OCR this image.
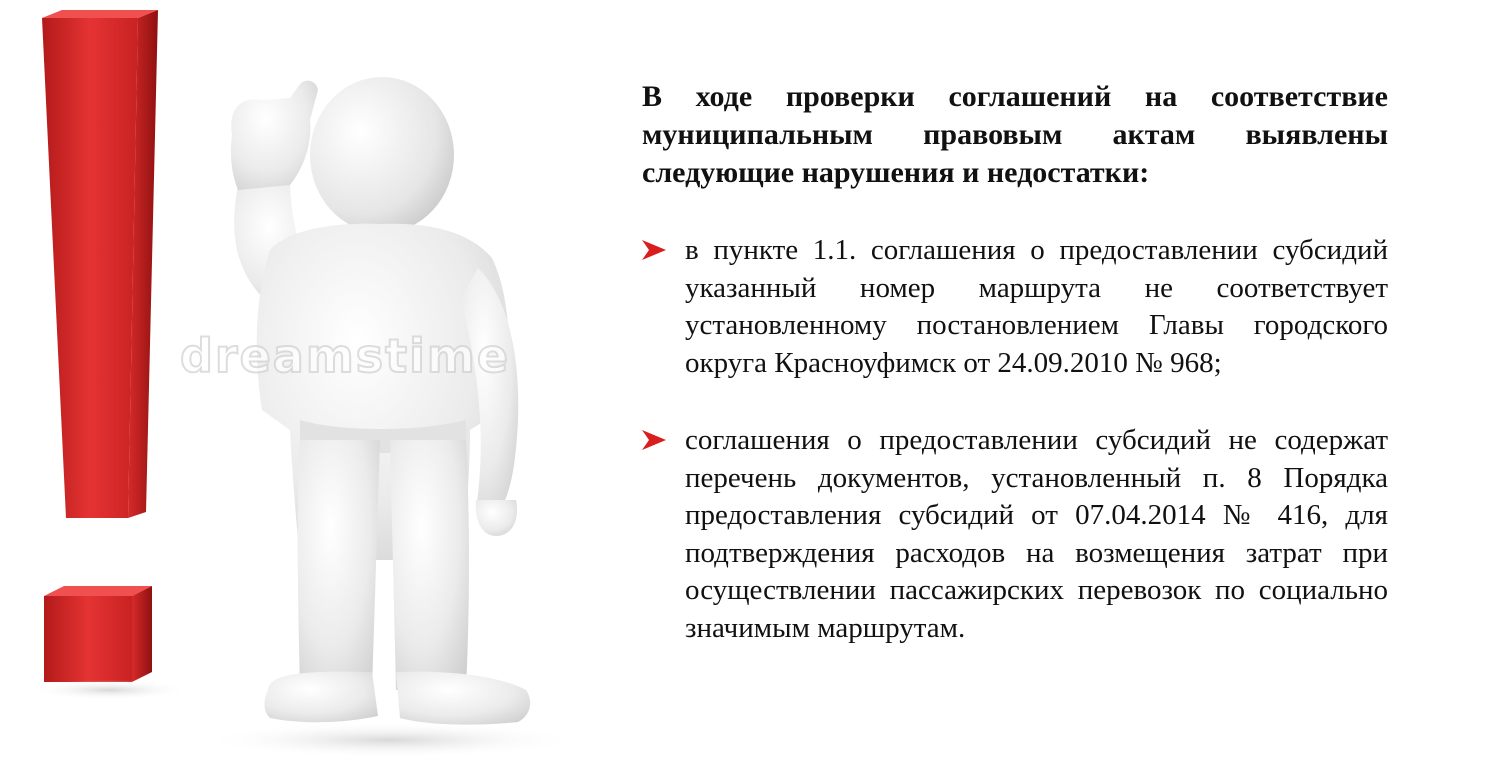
dreamstime

В ходе проверки соглашений на соответствие муниципальным правовым актам выявлены следующие нарушения и недостатки:

в пункте 1.1. соглашения о предоставлении субсидий указанный номер маршрута не соответствует установленному постановлением Главы городского округа Красноуфимск от 24.09.2010 № 968;
соглашения о предоставлении субсидий не содержат перечень документов, установленный п. 8 Порядка предоставления субсидий от 07.04.2014 № 416, для подтверждения расходов на возмещения затрат при осуществлении пассажирских перевозок по социально значимым маршрутам.
